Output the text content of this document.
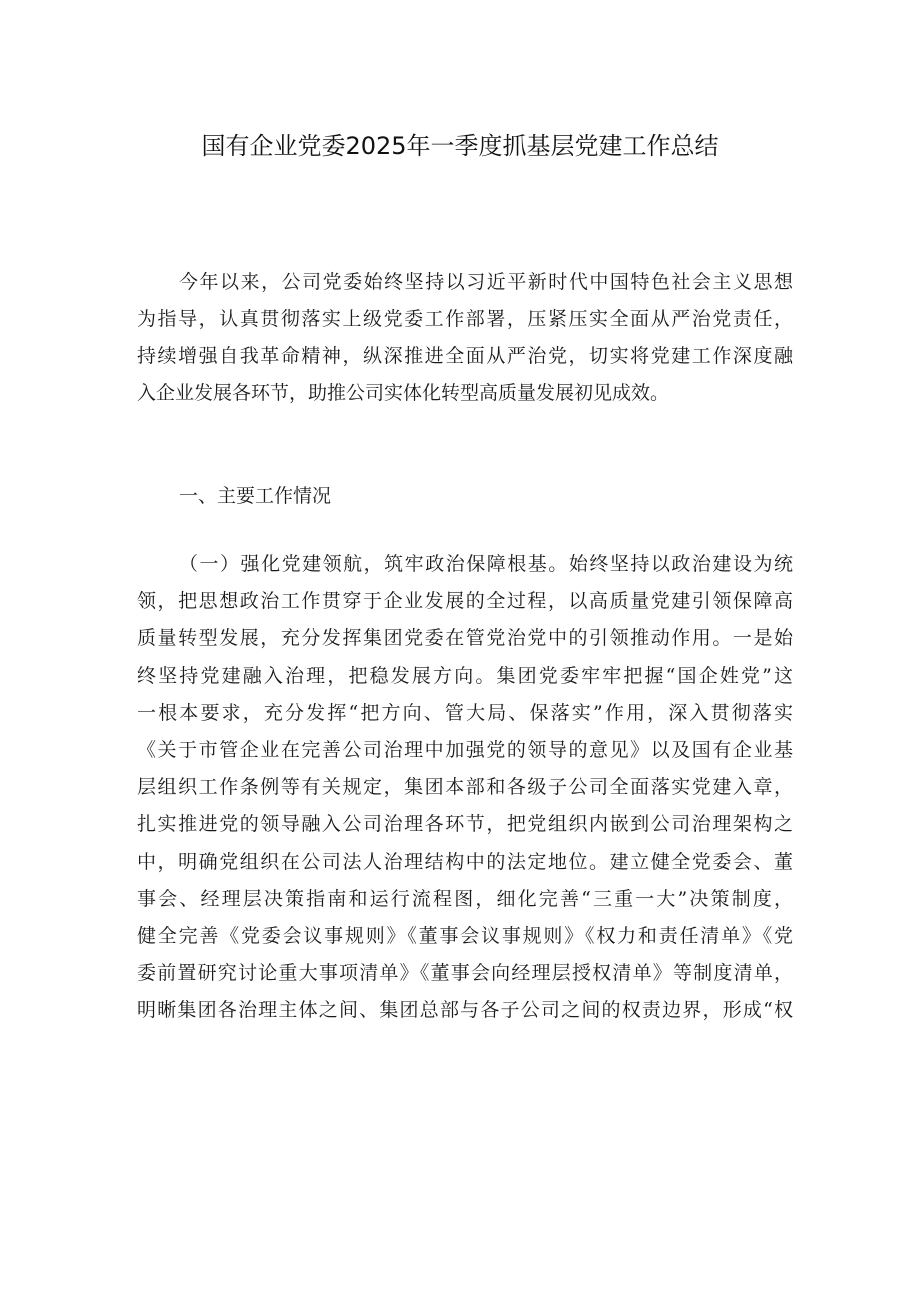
国有企业党委2025年一季度抓基层党建工作总结
今年以来，公司党委始终坚持以习近平新时代中国特色社会主义思想
为指导，认真贯彻落实上级党委工作部署，压紧压实全面从严治党责任，
持续增强自我革命精神，纵深推进全面从严治党，切实将党建工作深度融
入企业发展各环节，助推公司实体化转型高质量发展初见成效。
一、主要工作情况
（一）强化党建领航，筑牢政治保障根基。始终坚持以政治建设为统
领，把思想政治工作贯穿于企业发展的全过程，以高质量党建引领保障高
质量转型发展，充分发挥集团党委在管党治党中的引领推动作用。一是始
终坚持党建融入治理，把稳发展方向。集团党委牢牢把握“国企姓党”这
一根本要求，充分发挥“把方向、管大局、保落实”作用，深入贯彻落实
《关于市管企业在完善公司治理中加强党的领导的意见》以及国有企业基
层组织工作条例等有关规定，集团本部和各级子公司全面落实党建入章，
扎实推进党的领导融入公司治理各环节，把党组织内嵌到公司治理架构之
中，明确党组织在公司法人治理结构中的法定地位。建立健全党委会、董
事会、经理层决策指南和运行流程图，细化完善“三重一大”决策制度，
健全完善《党委会议事规则》《董事会议事规则》《权力和责任清单》《党
委前置研究讨论重大事项清单》《董事会向经理层授权清单》等制度清单，
明晰集团各治理主体之间、集团总部与各子公司之间的权责边界，形成“权
